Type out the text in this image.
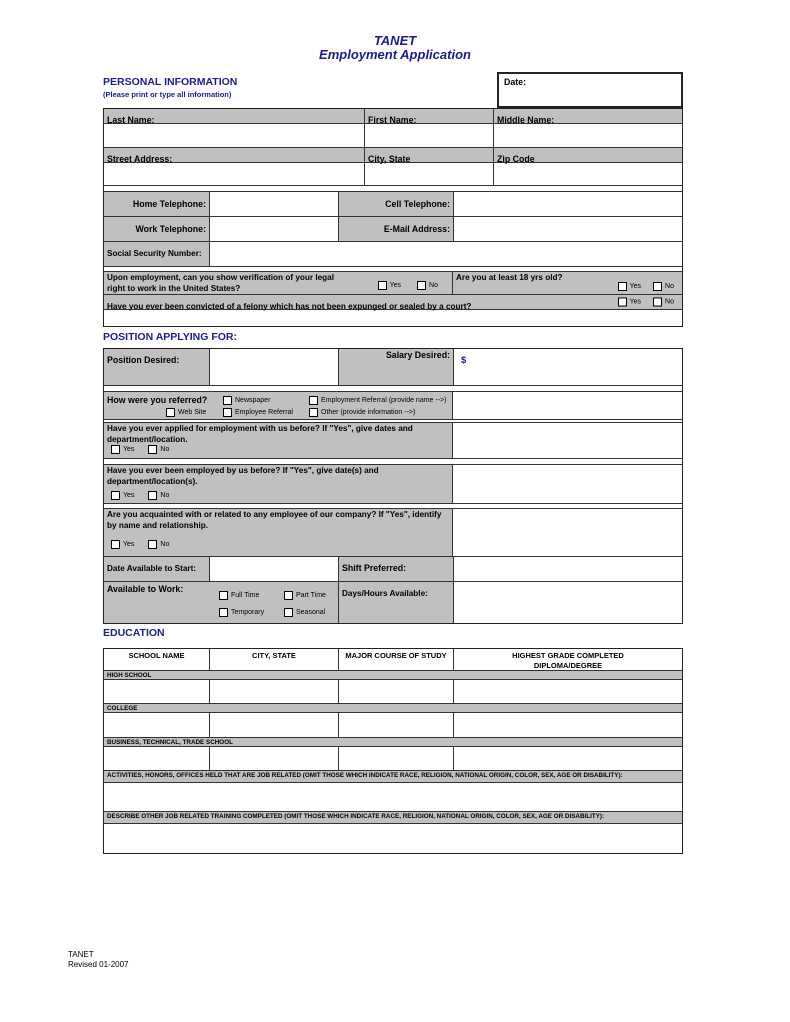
TANET
Employment Application
PERSONAL INFORMATION
(Please print or type all information)
Date:
Last Name:	First Name:	Middle Name:
Street Address:	City, State	Zip Code
Home Telephone:	Cell Telephone:
Work Telephone:	E-Mail Address:
Social Security Number:
Upon employment, can you show verification of your legal right to work in the United States?	Yes	No
Are you at least 18 yrs old?
Yes	No
Have you ever been convicted of a felony which has not been expunged or sealed by a court?	Yes	No
POSITION APPLYING FOR:
Position Desired:	Salary Desired:	$
How were you referred?	Newspaper	Employment Referral (provide name -->)
Web Site	Employee Referral	Other (provide information -->)
Have you ever applied for employment with us before? If "Yes", give dates and department/location.
Yes	No
Have you ever been employed by us before? If "Yes", give date(s) and department/location(s).
Yes	No
Are you acquainted with or related to any employee of our company? If "Yes", identify by name and relationship.
Yes	No
Date Available to Start:	Shift Preferred:
Available to Work:
Full Time	Part Time
Temporary	Seasonal
Days/Hours Available:
EDUCATION
SCHOOL NAME	CITY, STATE	MAJOR COURSE OF STUDY	HIGHEST GRADE COMPLETED
DIPLOMA/DEGREE
HIGH SCHOOL
COLLEGE
BUSINESS, TECHNICAL, TRADE SCHOOL
ACTIVITIES, HONORS, OFFICES HELD THAT ARE JOB RELATED (OMIT THOSE WHICH INDICATE RACE, RELIGION, NATIONAL ORIGIN, COLOR, SEX, AGE OR DISABILITY):
DESCRIBE OTHER JOB RELATED TRAINING COMPLETED (OMIT THOSE WHICH INDICATE RACE, RELIGION, NATIONAL ORIGIN, COLOR, SEX, AGE OR DISABILITY):
TANET
Revised 01-2007
